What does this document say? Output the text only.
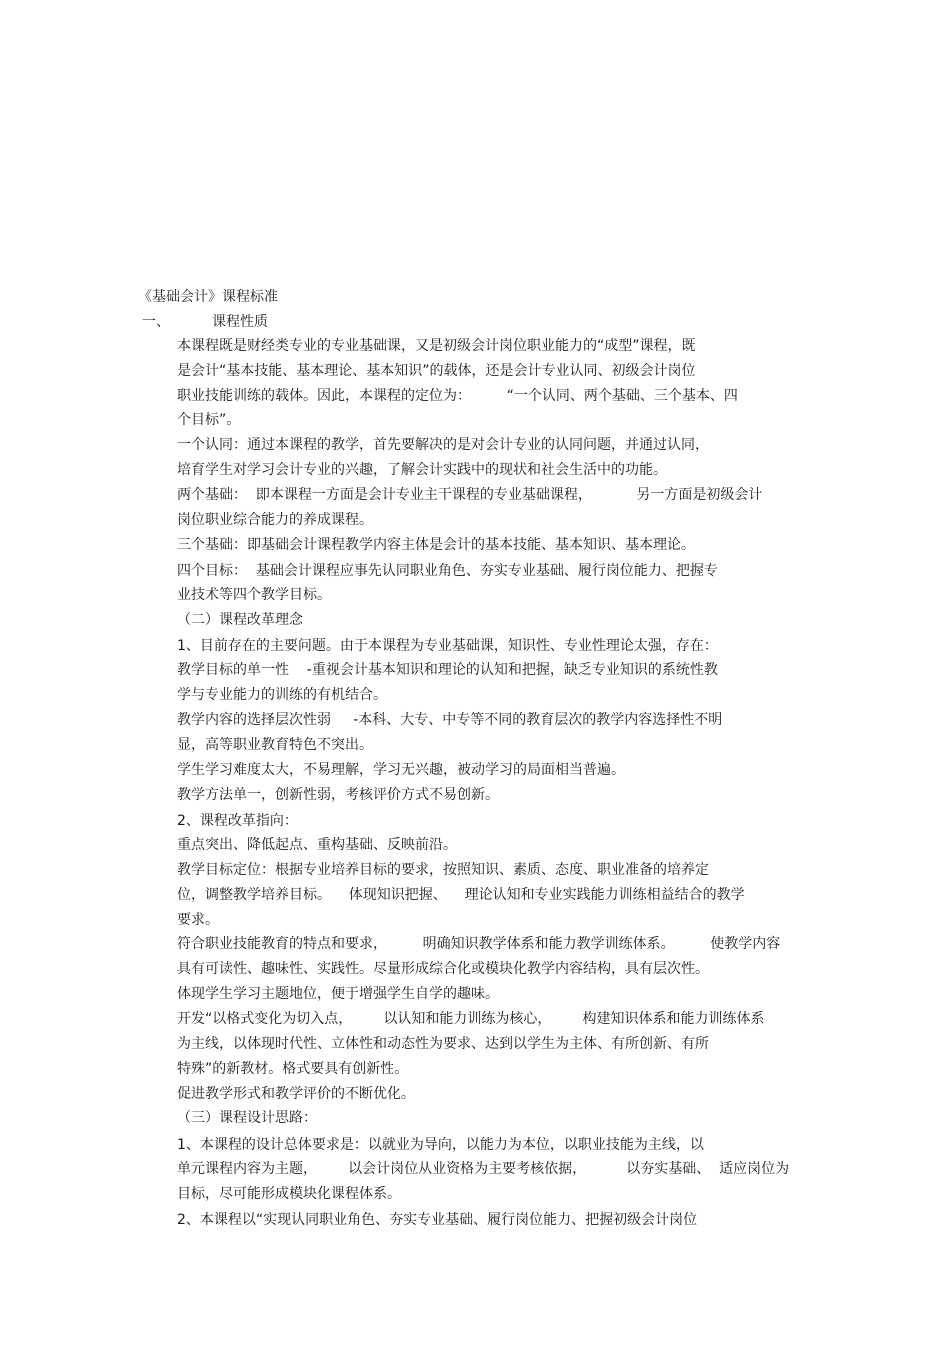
《基础会计》课程标准
一、	课程性质
本课程既是财经类专业的专业基础课，又是初级会计岗位职业能力的“成型”课程，既
是会计“基本技能、基本理论、基本知识”的载体，还是会计专业认同、初级会计岗位
职业技能训练的载体。因此，本课程的定位为：        “一个认同、两个基础、三个基本、四
个目标”。
一个认同：通过本课程的教学，首先要解决的是对会计专业的认同问题，并通过认同，
培育学生对学习会计专业的兴趣，了解会计实践中的现状和社会生活中的功能。
两个基础：  即本课程一方面是会计专业主干课程的专业基础课程，          另一方面是初级会计
岗位职业综合能力的养成课程。
三个基础：即基础会计课程教学内容主体是会计的基本技能、基本知识、基本理论。
四个目标：  基础会计课程应事先认同职业角色、夯实专业基础、履行岗位能力、把握专
业技术等四个教学目标。
（二）课程改革理念
1、目前存在的主要问题。由于本课程为专业基础课，知识性、专业性理论太强，存在：
教学目标的单一性    -重视会计基本知识和理论的认知和把握，缺乏专业知识的系统性教
学与专业能力的训练的有机结合。
教学内容的选择层次性弱     -本科、大专、中专等不同的教育层次的教学内容选择性不明
显，高等职业教育特色不突出。
学生学习难度太大，不易理解，学习无兴趣，被动学习的局面相当普遍。
教学方法单一，创新性弱，考核评价方式不易创新。
2、课程改革指向：
重点突出、降低起点、重构基础、反映前沿。
教学目标定位：根据专业培养目标的要求，按照知识、素质、态度、职业准备的培养定
位，调整教学培养目标。    体现知识把握、    理论认知和专业实践能力训练相益结合的教学
要求。
符合职业技能教育的特点和要求，        明确知识教学体系和能力教学训练体系。        使教学内容
具有可读性、趣味性、实践性。尽量形成综合化或模块化教学内容结构，具有层次性。
体现学生学习主题地位，便于增强学生自学的趣味。
开发“以格式变化为切入点，       以认知和能力训练为核心，       构建知识体系和能力训练体系
为主线，以体现时代性、立体性和动态性为要求、达到以学生为主体、有所创新、有所
特殊”的新教材。格式要具有创新性。
促进教学形式和教学评价的不断优化。
（三）课程设计思路：
1、本课程的设计总体要求是：以就业为导向，以能力为本位，以职业技能为主线，以
单元课程内容为主题，       以会计岗位从业资格为主要考核依据，         以夯实基础、  适应岗位为
目标，尽可能形成模块化课程体系。
2、本课程以“实现认同职业角色、夯实专业基础、履行岗位能力、把握初级会计岗位
